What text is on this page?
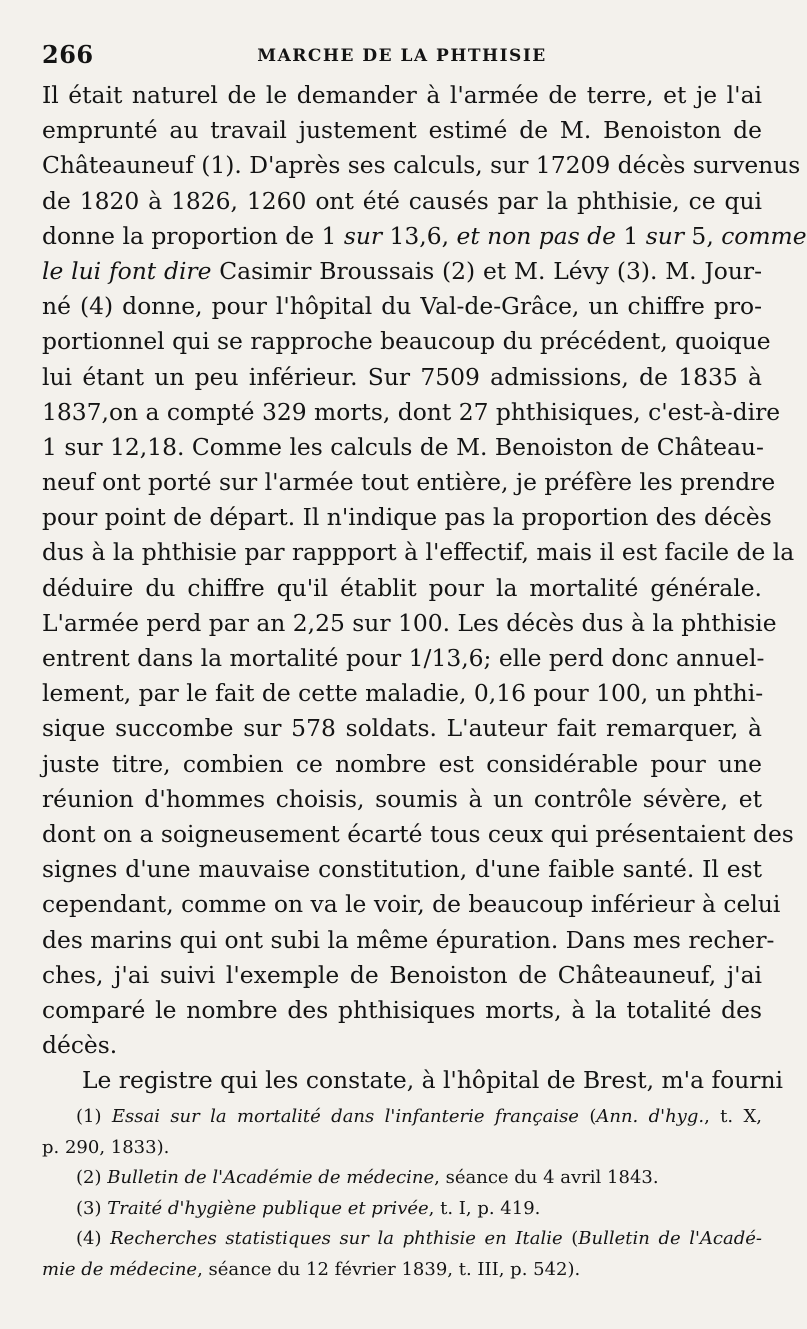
266	MARCHE DE LA PHTHISIE
Il était naturel de le demander à l'armée de terre, et je l'ai
emprunté au travail justement estimé de M. Benoiston de
Châteauneuf (1). D'après ses calculs, sur 17209 décès survenus
de 1820 à 1826, 1260 ont été causés par la phthisie, ce qui
donne la proportion de 1 sur 13,6, et non pas de 1 sur 5, comme
le lui font dire Casimir Broussais (2) et M. Lévy (3). M. Jour-
né (4) donne, pour l'hôpital du Val-de-Grâce, un chiffre pro-
portionnel qui se rapproche beaucoup du précédent, quoique
lui étant un peu inférieur. Sur 7509 admissions, de 1835 à
1837,on a compté 329 morts, dont 27 phthisiques, c'est-à-dire
1 sur 12,18. Comme les calculs de M. Benoiston de Château-
neuf ont porté sur l'armée tout entière, je préfère les prendre
pour point de départ. Il n'indique pas la proportion des décès
dus à la phthisie par rappport à l'effectif, mais il est facile de la
déduire du chiffre qu'il établit pour la mortalité générale.
L'armée perd par an 2,25 sur 100. Les décès dus à la phthisie
entrent dans la mortalité pour 1/13,6; elle perd donc annuel-
lement, par le fait de cette maladie, 0,16 pour 100, un phthi-
sique succombe sur 578 soldats. L'auteur fait remarquer, à
juste titre, combien ce nombre est considérable pour une
réunion d'hommes choisis, soumis à un contrôle sévère, et
dont on a soigneusement écarté tous ceux qui présentaient des
signes d'une mauvaise constitution, d'une faible santé. Il est
cependant, comme on va le voir, de beaucoup inférieur à celui
des marins qui ont subi la même épuration. Dans mes recher-
ches, j'ai suivi l'exemple de Benoiston de Châteauneuf, j'ai
comparé le nombre des phthisiques morts, à la totalité des
décès.
Le registre qui les constate, à l'hôpital de Brest, m'a fourni
(1) Essai sur la mortalité dans l'infanterie française (Ann. d'hyg., t. X,
p. 290, 1833).
(2) Bulletin de l'Académie de médecine, séance du 4 avril 1843.
(3) Traité d'hygiène publique et privée, t. I, p. 419.
(4) Recherches statistiques sur la phthisie en Italie (Bulletin de l'Acadé-
mie de médecine, séance du 12 février 1839, t. III, p. 542).
